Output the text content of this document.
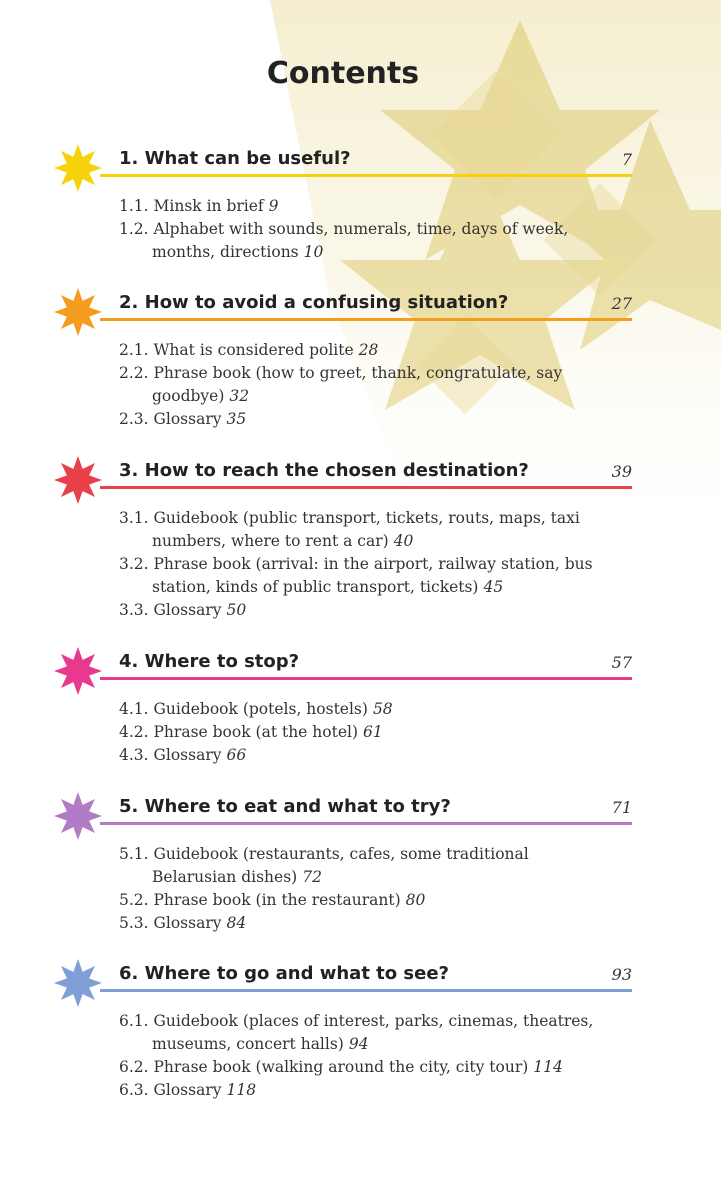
Contents
1. What can be useful?	7
1.1. Minsk in brief 9
1.2. Alphabet with sounds, numerals, time, days of week, months, directions 10
2. How to avoid a confusing situation?	27
2.1. What is considered polite 28
2.2. Phrase book (how to greet, thank, congratulate, say goodbye) 32
2.3. Glossary 35
3. How to reach the chosen destination?	39
3.1. Guidebook (public transport, tickets, routs, maps, taxi numbers, where to rent a car) 40
3.2. Phrase book (arrival: in the airport, railway station, bus station, kinds of public transport, tickets) 45
3.3. Glossary 50
4. Where to stop?	57
4.1. Guidebook (potels, hostels) 58
4.2. Phrase book (at the hotel) 61
4.3. Glossary 66
5. Where to eat and what to try?	71
5.1. Guidebook (restaurants, cafes, some traditional Belarusian dishes) 72
5.2. Phrase book (in the restaurant) 80
5.3. Glossary 84
6. Where to go and what to see?	93
6.1. Guidebook (places of interest, parks, cinemas, theatres, museums, concert halls) 94
6.2. Phrase book (walking around the city, city tour) 114
6.3. Glossary 118
